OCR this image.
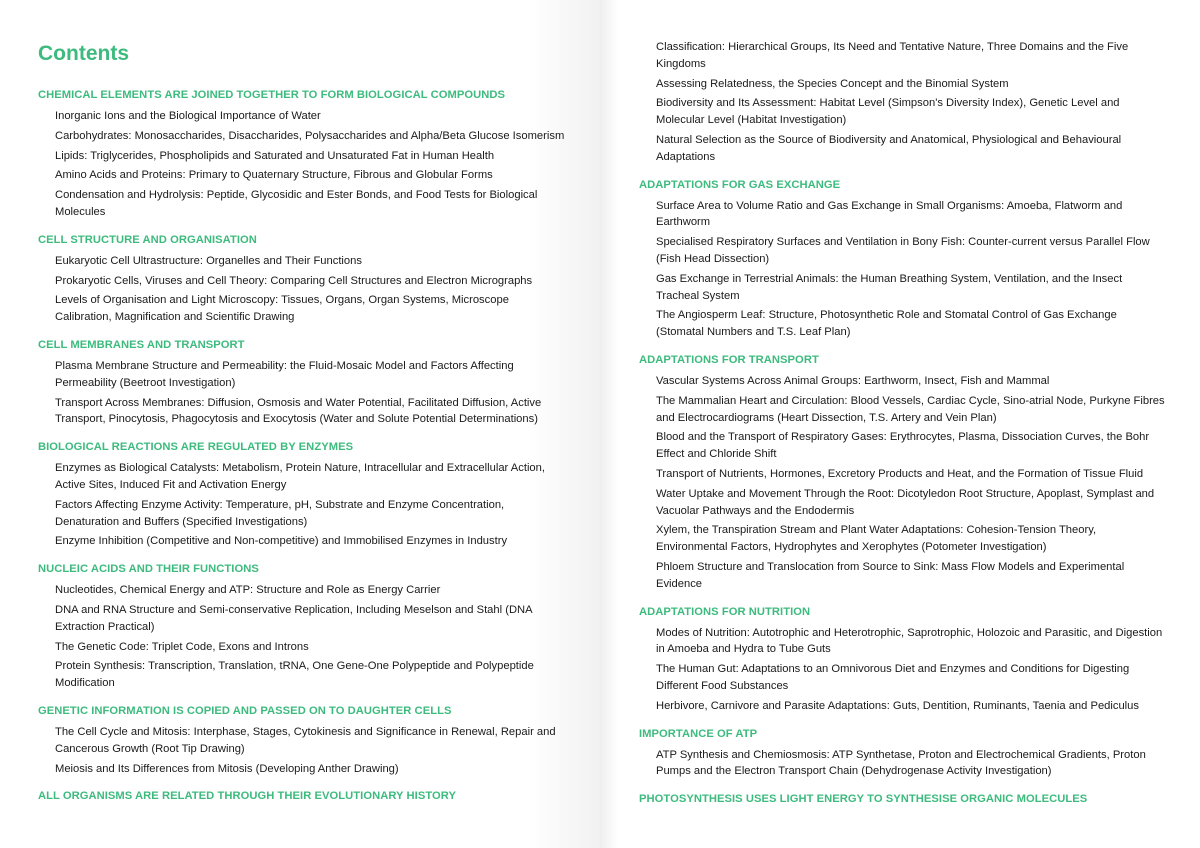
Contents
CHEMICAL ELEMENTS ARE JOINED TOGETHER TO FORM BIOLOGICAL COMPOUNDS
Inorganic Ions and the Biological Importance of Water
Carbohydrates: Monosaccharides, Disaccharides, Polysaccharides and Alpha/Beta Glucose Isomerism
Lipids: Triglycerides, Phospholipids and Saturated and Unsaturated Fat in Human Health
Amino Acids and Proteins: Primary to Quaternary Structure, Fibrous and Globular Forms
Condensation and Hydrolysis: Peptide, Glycosidic and Ester Bonds, and Food Tests for Biological Molecules
CELL STRUCTURE AND ORGANISATION
Eukaryotic Cell Ultrastructure: Organelles and Their Functions
Prokaryotic Cells, Viruses and Cell Theory: Comparing Cell Structures and Electron Micrographs
Levels of Organisation and Light Microscopy: Tissues, Organs, Organ Systems, Microscope Calibration, Magnification and Scientific Drawing
CELL MEMBRANES AND TRANSPORT
Plasma Membrane Structure and Permeability: the Fluid-Mosaic Model and Factors Affecting Permeability (Beetroot Investigation)
Transport Across Membranes: Diffusion, Osmosis and Water Potential, Facilitated Diffusion, Active Transport, Pinocytosis, Phagocytosis and Exocytosis (Water and Solute Potential Determinations)
BIOLOGICAL REACTIONS ARE REGULATED BY ENZYMES
Enzymes as Biological Catalysts: Metabolism, Protein Nature, Intracellular and Extracellular Action, Active Sites, Induced Fit and Activation Energy
Factors Affecting Enzyme Activity: Temperature, pH, Substrate and Enzyme Concentration, Denaturation and Buffers (Specified Investigations)
Enzyme Inhibition (Competitive and Non-competitive) and Immobilised Enzymes in Industry
NUCLEIC ACIDS AND THEIR FUNCTIONS
Nucleotides, Chemical Energy and ATP: Structure and Role as Energy Carrier
DNA and RNA Structure and Semi-conservative Replication, Including Meselson and Stahl (DNA Extraction Practical)
The Genetic Code: Triplet Code, Exons and Introns
Protein Synthesis: Transcription, Translation, tRNA, One Gene-One Polypeptide and Polypeptide Modification
GENETIC INFORMATION IS COPIED AND PASSED ON TO DAUGHTER CELLS
The Cell Cycle and Mitosis: Interphase, Stages, Cytokinesis and Significance in Renewal, Repair and Cancerous Growth (Root Tip Drawing)
Meiosis and Its Differences from Mitosis (Developing Anther Drawing)
ALL ORGANISMS ARE RELATED THROUGH THEIR EVOLUTIONARY HISTORY
Classification: Hierarchical Groups, Its Need and Tentative Nature, Three Domains and the Five Kingdoms
Assessing Relatedness, the Species Concept and the Binomial System
Biodiversity and Its Assessment: Habitat Level (Simpson's Diversity Index), Genetic Level and Molecular Level (Habitat Investigation)
Natural Selection as the Source of Biodiversity and Anatomical, Physiological and Behavioural Adaptations
ADAPTATIONS FOR GAS EXCHANGE
Surface Area to Volume Ratio and Gas Exchange in Small Organisms: Amoeba, Flatworm and Earthworm
Specialised Respiratory Surfaces and Ventilation in Bony Fish: Counter-current versus Parallel Flow (Fish Head Dissection)
Gas Exchange in Terrestrial Animals: the Human Breathing System, Ventilation, and the Insect Tracheal System
The Angiosperm Leaf: Structure, Photosynthetic Role and Stomatal Control of Gas Exchange (Stomatal Numbers and T.S. Leaf Plan)
ADAPTATIONS FOR TRANSPORT
Vascular Systems Across Animal Groups: Earthworm, Insect, Fish and Mammal
The Mammalian Heart and Circulation: Blood Vessels, Cardiac Cycle, Sino-atrial Node, Purkyne Fibres and Electrocardiograms (Heart Dissection, T.S. Artery and Vein Plan)
Blood and the Transport of Respiratory Gases: Erythrocytes, Plasma, Dissociation Curves, the Bohr Effect and Chloride Shift
Transport of Nutrients, Hormones, Excretory Products and Heat, and the Formation of Tissue Fluid
Water Uptake and Movement Through the Root: Dicotyledon Root Structure, Apoplast, Symplast and Vacuolar Pathways and the Endodermis
Xylem, the Transpiration Stream and Plant Water Adaptations: Cohesion-Tension Theory, Environmental Factors, Hydrophytes and Xerophytes (Potometer Investigation)
Phloem Structure and Translocation from Source to Sink: Mass Flow Models and Experimental Evidence
ADAPTATIONS FOR NUTRITION
Modes of Nutrition: Autotrophic and Heterotrophic, Saprotrophic, Holozoic and Parasitic, and Digestion in Amoeba and Hydra to Tube Guts
The Human Gut: Adaptations to an Omnivorous Diet and Enzymes and Conditions for Digesting Different Food Substances
Herbivore, Carnivore and Parasite Adaptations: Guts, Dentition, Ruminants, Taenia and Pediculus
IMPORTANCE OF ATP
ATP Synthesis and Chemiosmosis: ATP Synthetase, Proton and Electrochemical Gradients, Proton Pumps and the Electron Transport Chain (Dehydrogenase Activity Investigation)
PHOTOSYNTHESIS USES LIGHT ENERGY TO SYNTHESISE ORGANIC MOLECULES
